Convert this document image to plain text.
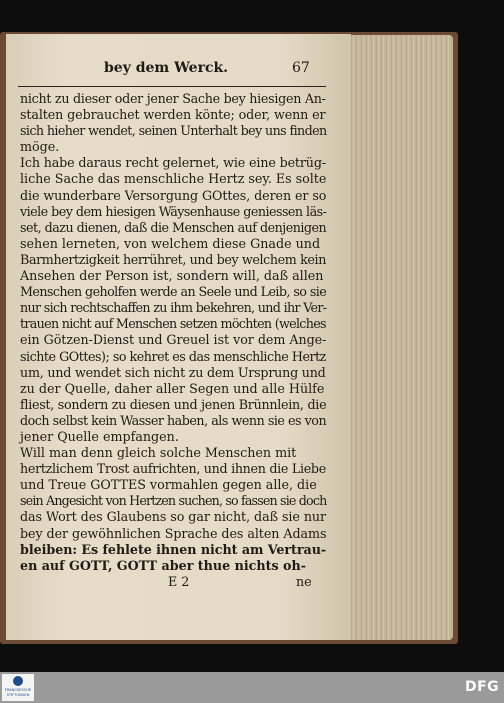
bey dem Werck.	67
nicht zu dieser oder jener Sache bey hiesigen An-
stalten gebrauchet werden könte; oder, wenn er
sich hieher wendet, seinen Unterhalt bey uns finden
möge.
Ich habe daraus recht gelernet, wie eine betrüg-
liche Sache das menschliche Hertz sey. Es solte
die wunderbare Versorgung GOttes, deren er so
viele bey dem hiesigen Wäysenhause geniessen läs-
set, dazu dienen, daß die Menschen auf denjenigen
sehen lerneten, von welchem diese Gnade und
Barmhertzigkeit herrühret, und bey welchem kein
Ansehen der Person ist, sondern will, daß allen
Menschen geholfen werde an Seele und Leib, so sie
nur sich rechtschaffen zu ihm bekehren, und ihr Ver-
trauen nicht auf Menschen setzen möchten (welches
ein Götzen-Dienst und Greuel ist vor dem Ange-
sichte GOttes); so kehret es das menschliche Hertz
um, und wendet sich nicht zu dem Ursprung und
zu der Quelle, daher aller Segen und alle Hülfe
fliest, sondern zu diesen und jenen Brünnlein, die
doch selbst kein Wasser haben, als wenn sie es von
jener Quelle empfangen.
Will man denn gleich solche Menschen mit
hertzlichem Trost aufrichten, und ihnen die Liebe
und Treue GOTTES vormahlen gegen alle, die
sein Angesicht von Hertzen suchen, so fassen sie doch
das Wort des Glaubens so gar nicht, daß sie nur
bey der gewöhnlichen Sprache des alten Adams
bleiben: Es fehlete ihnen nicht am Vertrau-
en auf GOTT, GOTT aber thue nichts oh-
E 2	ne
FRANCKESCHE
STIFTUNGEN	DFG
